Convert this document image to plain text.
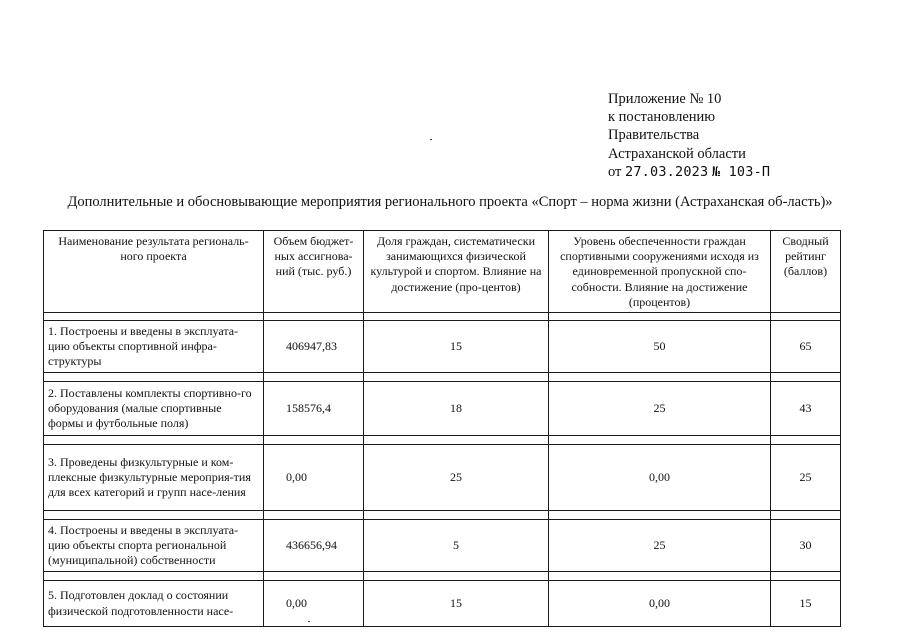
Приложение № 10
к постановлению
Правительства
Астраханской области
от 27.03.2023 № 103-П
Дополнительные и обосновывающие мероприятия регионального проекта «Спорт – норма жизни (Астраханская об-ласть)»
Наименование результата региональ-ного проекта	Объем бюджет-ных ассигнова-ний (тыс. руб.)	Доля граждан, систематически занимающихся физической культурой и спортом. Влияние на достижение (про-центов)	Уровень обеспеченности граждан спортивными сооружениями исходя из единовременной пропускной спо-собности. Влияние на достижение (процентов)	Сводный рейтинг (баллов)

1. Построены и введены в эксплуата-цию объекты спортивной инфра-структуры	406947,83	15	50	65

2. Поставлены комплекты спортивно-го оборудования (малые спортивные формы и футбольные поля)	158576,4	18	25	43

3. Проведены физкультурные и ком-плексные физкультурные мероприя-тия для всех категорий и групп насе-ления	0,00	25	0,00	25

4. Построены и введены в эксплуата-цию объекты спорта региональной (муниципальной) собственности	436656,94	5	25	30

5. Подготовлен доклад о состоянии физической подготовленности насе-	0,00	15	0,00	15
